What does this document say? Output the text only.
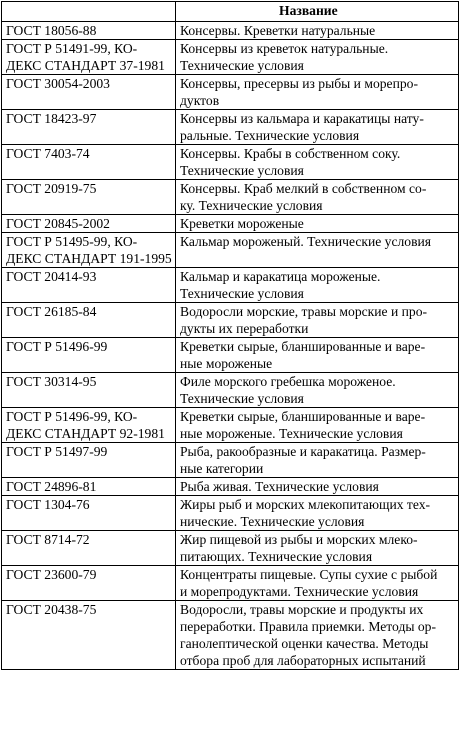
	Название
ГОСТ 18056-88	Консервы. Креветки натуральные
ГОСТ Р 51491-99, КО-
ДЕКС СТАНДАРТ 37-1981	Консервы из креветок натуральные.
Технические условия
ГОСТ 30054-2003	Консервы, пресервы из рыбы и морепро-
дуктов
ГОСТ 18423-97	Консервы из кальмара и каракатицы нату-
ральные. Технические условия
ГОСТ 7403-74	Консервы. Крабы в собственном соку.
Технические условия
ГОСТ 20919-75	Консервы. Краб мелкий в собственном со-
ку. Технические условия
ГОСТ 20845-2002	Креветки мороженые
ГОСТ Р 51495-99, КО-
ДЕКС СТАНДАРТ 191-1995	Кальмар мороженый. Технические условия
ГОСТ 20414-93	Кальмар и каракатица мороженые.
Технические условия
ГОСТ 26185-84	Водоросли морские, травы морские и про-
дукты их переработки
ГОСТ Р 51496-99	Креветки сырые, бланшированные и варе-
ные мороженые
ГОСТ 30314-95	Филе морского гребешка мороженое.
Технические условия
ГОСТ Р 51496-99, КО-
ДЕКС СТАНДАРТ 92-1981	Креветки сырые, бланшированные и варе-
ные мороженые. Технические условия
ГОСТ Р 51497-99	Рыба, ракообразные и каракатица. Размер-
ные категории
ГОСТ 24896-81	Рыба живая. Технические условия
ГОСТ 1304-76	Жиры рыб и морских млекопитающих тех-
нические. Технические условия
ГОСТ 8714-72	Жир пищевой из рыбы и морских млеко-
питающих. Технические условия
ГОСТ 23600-79	Концентраты пищевые. Супы сухие с рыбой
и морепродуктами. Технические условия
ГОСТ 20438-75	Водоросли, травы морские и продукты их
переработки. Правила приемки. Методы ор-
ганолептической оценки качества. Методы
отбора проб для лабораторных испытаний
